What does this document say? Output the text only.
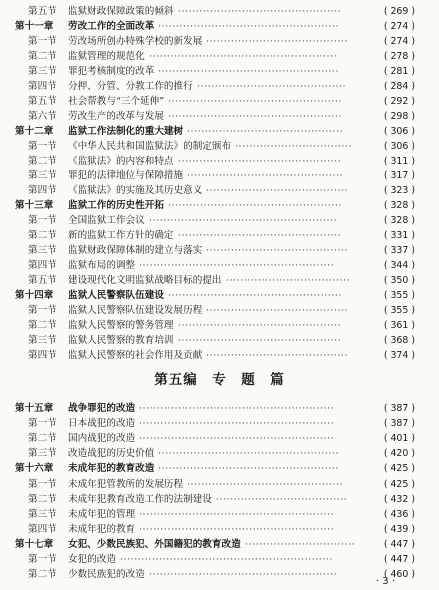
第五节 监狱财政保障政策的倾斜 ··············································	( 269 )
第十一章 劳改工作的全面改革 ···················································	( 274 )
第一节 劳改场所创办特殊学校的新发展 ········································	( 274 )
第二节 监狱管理的规范化 ·····················································	( 278 )
第三节 罪犯考核制度的改革 ···················································	( 281 )
第四节 分押、分管、分教工作的推行 ··········································	( 284 )
第五节 社会帮教与“三个延伸” ·················································	( 292 )
第六节 劳改生产的改革与发展 ·················································	( 298 )
第十二章 监狱工作法制化的重大建树 ············································	( 306 )
第一节 《中华人民共和国监狱法》的制定颁布 ·································	( 306 )
第二节 《监狱法》的内容和特点 ··············································	( 311 )
第三节 罪犯的法律地位与保障措施 ············································	( 317 )
第四节 《监狱法》的实施及其历史意义 ········································	( 323 )
第十三章 监狱工作的历史性开拓 ·················································	( 328 )
第一节 全国监狱工作会议 ·····················································	( 328 )
第二节 新的监狱工作方针的确定 ··············································	( 331 )
第三节 监狱财政保障体制的建立与落实 ········································	( 337 )
第四节 监狱布局的调整 ·······················································	( 344 )
第五节 建设现代化文明监狱战略目标的提出 ···································	( 350 )
第十四章 监狱人民警察队伍建设 ·················································	( 355 )
第一节 监狱人民警察队伍建设发展历程 ········································	( 355 )
第二节 监狱人民警察的警务管理 ··············································	( 361 )
第三节 监狱人民警察的教育培训 ··············································	( 368 )
第四节 监狱人民警察的社会作用及贡献 ········································	( 374 )
第五编　专　题　篇
第十五章 战争罪犯的改造 ·······················································	( 387 )
第一节 日本战犯的改造 ·······················································	( 387 )
第二节 国内战犯的改造 ·······················································	( 401 )
第三节 改造战犯的历史价值 ···················································	( 420 )
第十六章 未成年犯的教育改造 ···················································	( 425 )
第一节 未成年犯管教所的发展历程 ············································	( 425 )
第二节 未成年犯教育改造工作的法制建设 ·····································	( 432 )
第三节 未成年犯的管理 ·······················································	( 436 )
第四节 未成年犯的教育 ·······················································	( 439 )
第十七章 女犯、少数民族犯、外国籍犯的教育改造 ·······························	( 447 )
第一节 女犯的改造 ····························································	( 447 )
第二节 少数民族犯的改造 ·····················································	( 460 )
· 3 ·
